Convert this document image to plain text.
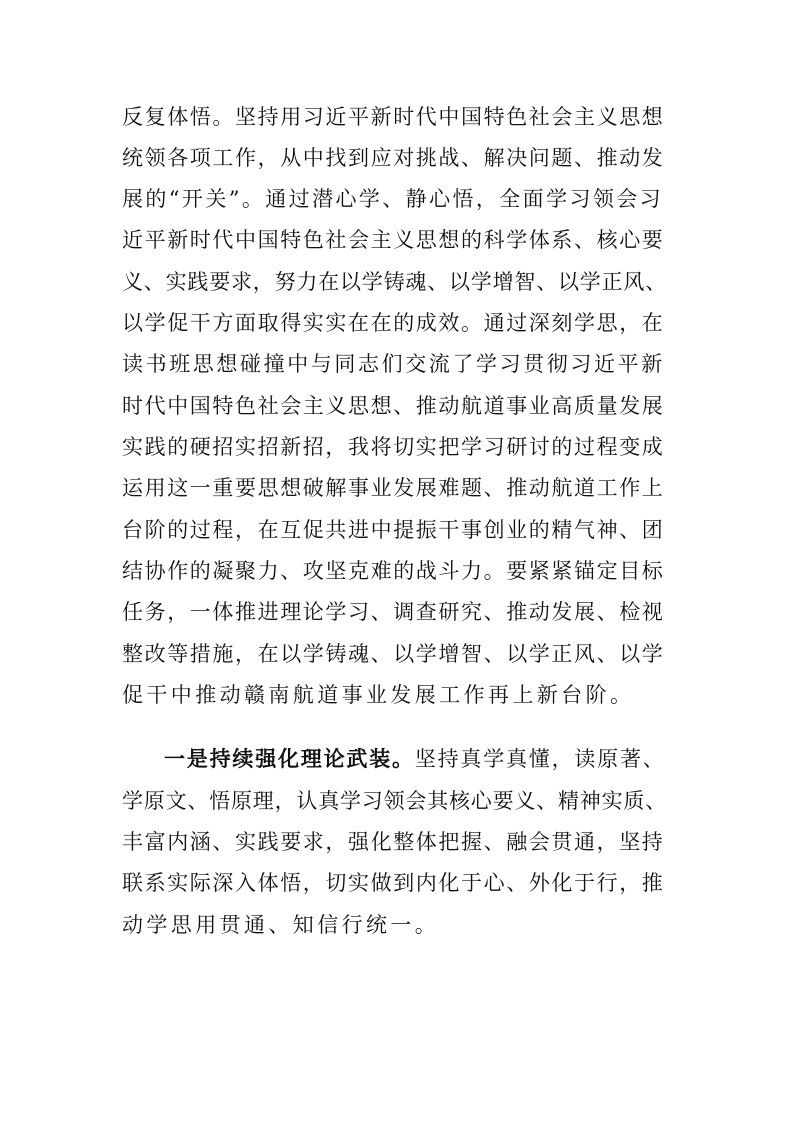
反复体悟。坚持用习近平新时代中国特色社会主义思想
统领各项工作，从中找到应对挑战、解决问题、推动发
展的“开关”。通过潜心学、静心悟，全面学习领会习
近平新时代中国特色社会主义思想的科学体系、核心要
义、实践要求，努力在以学铸魂、以学增智、以学正风、
以学促干方面取得实实在在的成效。通过深刻学思，在
读书班思想碰撞中与同志们交流了学习贯彻习近平新
时代中国特色社会主义思想、推动航道事业高质量发展
实践的硬招实招新招，我将切实把学习研讨的过程变成
运用这一重要思想破解事业发展难题、推动航道工作上
台阶的过程，在互促共进中提振干事创业的精气神、团
结协作的凝聚力、攻坚克难的战斗力。要紧紧锚定目标
任务，一体推进理论学习、调查研究、推动发展、检视
整改等措施，在以学铸魂、以学增智、以学正风、以学
促干中推动赣南航道事业发展工作再上新台阶。
一是持续强化理论武装。坚持真学真懂，读原著、
学原文、悟原理，认真学习领会其核心要义、精神实质、
丰富内涵、实践要求，强化整体把握、融会贯通，坚持
联系实际深入体悟，切实做到内化于心、外化于行，推
动学思用贯通、知信行统一。
